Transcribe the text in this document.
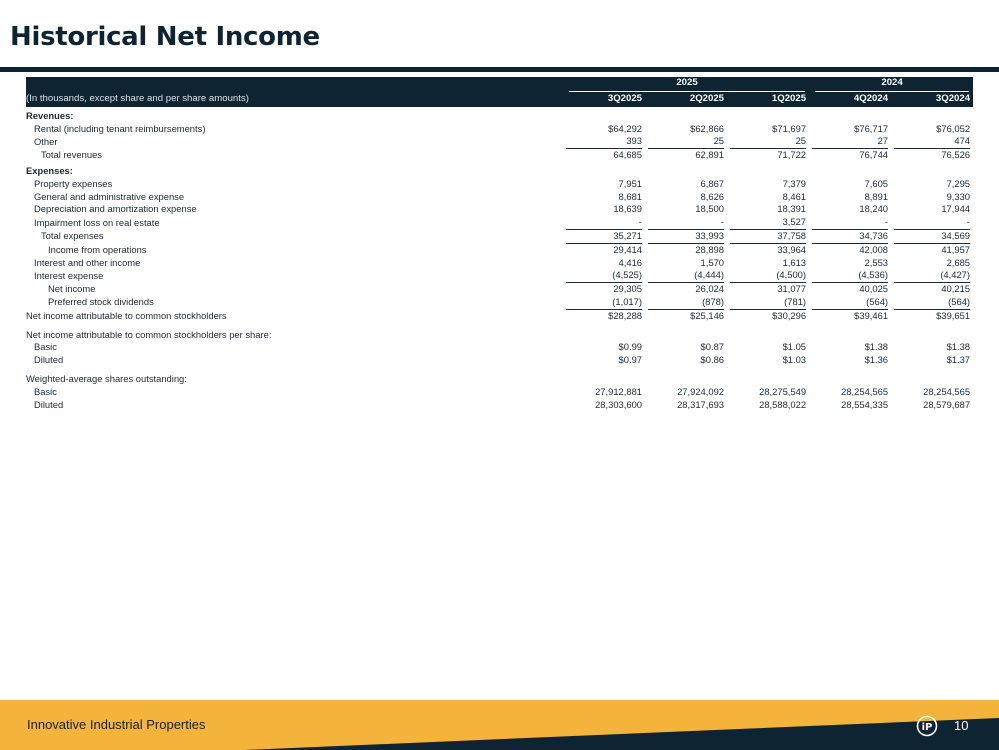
Historical Net Income

	2025			2024	

(In thousands, except share and per share amounts)	3Q2025	2Q2025	1Q2025	4Q2024	3Q2024
Revenues:					
Rental (including tenant reimbursements)	$64,292	$62,866	$71,697	$76,717	$76,052
Other	393	25	25	27	474
Total revenues	64,685	62,891	71,722	76,744	76,526
Expenses:					
Property expenses	7,951	6,867	7,379	7,605	7,295
General and administrative expense	8,681	8,626	8,461	8,891	9,330
Depreciation and amortization expense	18,639	18,500	18,391	18,240	17,944
Impairment loss on real estate	-	-	3,527	-	-
Total expenses	35,271	33,993	37,758	34,736	34,569
Income from operations	29,414	28,898	33,964	42,008	41,957
Interest and other income	4,416	1,570	1,613	2,553	2,685
Interest expense	(4,525)	(4,444)	(4,500)	(4,536)	(4,427)
Net income	29,305	26,024	31,077	40,025	40,215
Preferred stock dividends	(1,017)	(878)	(781)	(564)	(564)
Net income attributable to common stockholders	$28,288	$25,146	$30,296	$39,461	$39,651

Net income attributable to common stockholders per share:					
Basic	$0.99	$0.87	$1.05	$1.38	$1.38
Diluted	$0.97	$0.86	$1.03	$1.36	$1.37

Weighted-average shares outstanding:					
Basic	27,912,881	27,924,092	28,275,549	28,254,565	28,254,565
Diluted	28,303,600	28,317,693	28,588,022	28,554,335	28,579,687

Innovative Industrial Properties	iP 10
